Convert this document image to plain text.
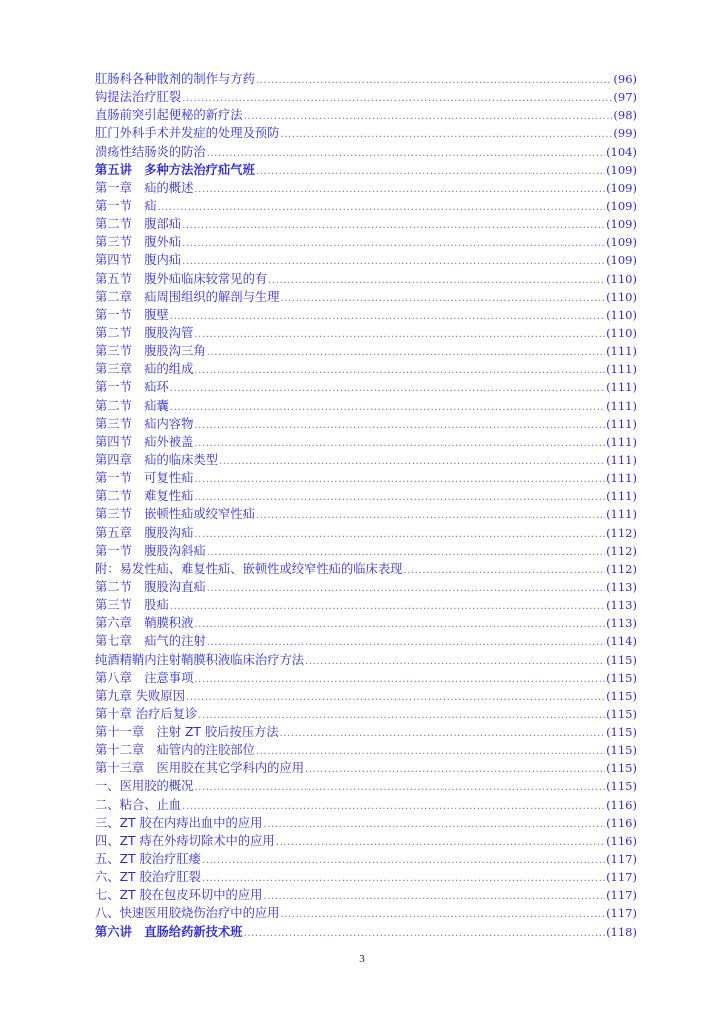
肛肠科各种散剂的制作与方药 .....	(96)
钩提法治疗肛裂 .....	(97)
直肠前突引起便秘的新疗法 .....	(98)
肛门外科手术并发症的处理及预防 .....	(99)
溃疡性结肠炎的防治 .....	(104)
第五讲　多种方法治疗疝气班 .....	(109)
第一章　疝的概述 .....	(109)
第一节　疝 .....	(109)
第二节　腹部疝 .....	(109)
第三节　腹外疝 .....	(109)
第四节　腹内疝 .....	(109)
第五节　腹外疝临床较常见的有 .....	(110)
第二章　疝周围组织的解剖与生理 .....	(110)
第一节　腹壁 .....	(110)
第二节　腹股沟管 .....	(110)
第三节　腹股沟三角 .....	(111)
第三章　疝的组成 .....	(111)
第一节　疝环 .....	(111)
第二节　疝囊 .....	(111)
第三节　疝内容物 .....	(111)
第四节　疝外被盖 .....	(111)
第四章　疝的临床类型 .....	(111)
第一节　可复性疝 .....	(111)
第二节　难复性疝 .....	(111)
第三节　嵌顿性疝或绞窄性疝 .....	(111)
第五章　腹股沟疝 .....	(112)
第一节　腹股沟斜疝 .....	(112)
附：易发性疝、难复性疝、嵌顿性或绞窄性疝的临床表现 .....	(112)
第二节　腹股沟直疝 .....	(113)
第三节　股疝 .....	(113)
第六章　鞘膜积液 .....	(113)
第七章　疝气的注射 .....	(114)
纯酒精鞘内注射鞘膜积液临床治疗方法 .....	(115)
第八章　注意事项 .....	(115)
第九章 失败原因 .....	(115)
第十章 治疗后复诊 .....	(115)
第十一章　注射 ZT 胶后按压方法 .....	(115)
第十二章　疝管内的注胶部位 .....	(115)
第十三章　医用胶在其它学科内的应用 .....	(115)
一、医用胶的概况 .....	(115)
二、粘合、止血 .....	(116)
三、ZT 胶在内痔出血中的应用 .....	(116)
四、ZT 痔在外痔切除术中的应用 .....	(116)
五、ZT 胶治疗肛瘘 .....	(117)
六、ZT 胶治疗肛裂 .....	(117)
七、ZT 胶在包皮环切中的应用 .....	(117)
八、快速医用胶烧伤治疗中的应用 .....	(117)
第六讲　直肠给药新技术班 .....	(118)
3
